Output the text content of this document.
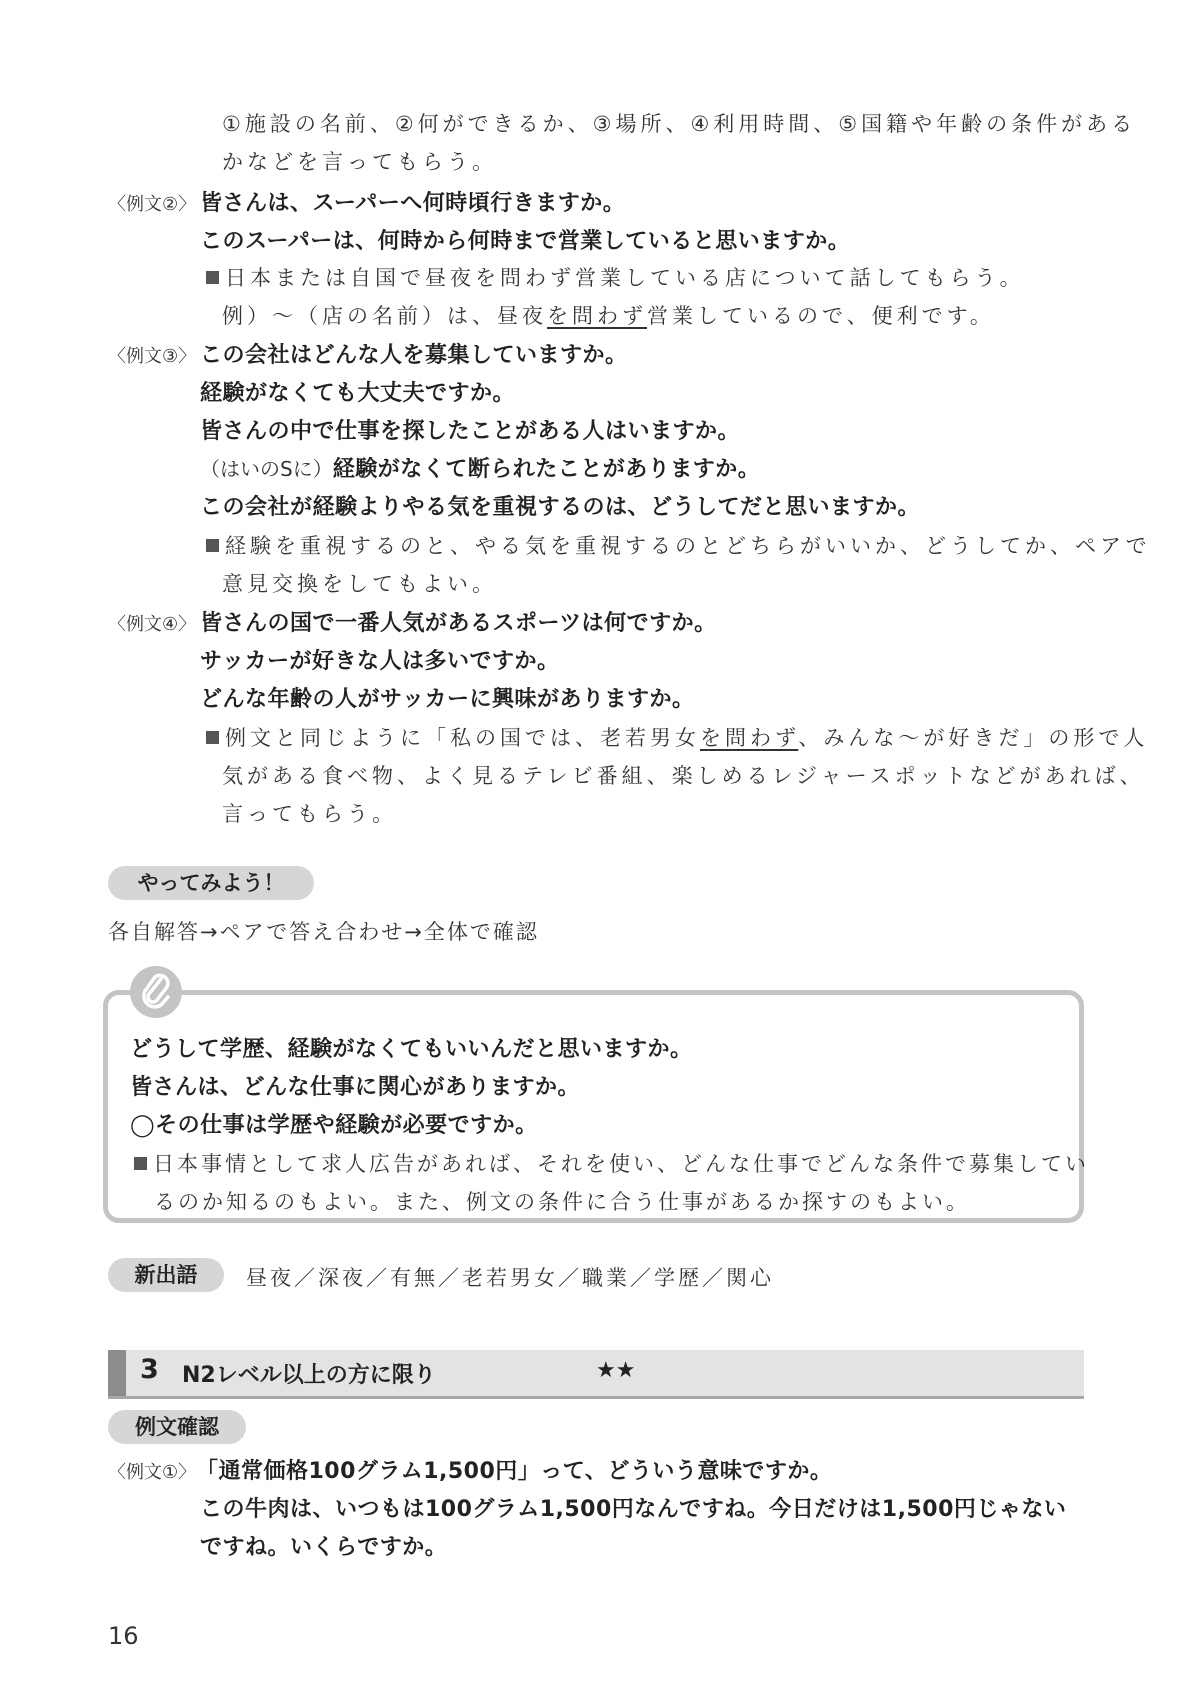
①施設の名前、②何ができるか、③場所、④利用時間、⑤国籍や年齢の条件がある
かなどを言ってもらう。
〈例文②〉 皆さんは、スーパーへ何時頃行きますか。
このスーパーは、何時から何時まで営業していると思いますか。
日本または自国で昼夜を問わず営業している店について話してもらう。
例）～（店の名前）は、昼夜を問わず営業しているので、便利です。
〈例文③〉 この会社はどんな人を募集していますか。
経験がなくても大丈夫ですか。
皆さんの中で仕事を探したことがある人はいますか。
（はいのSに）経験がなくて断られたことがありますか。
この会社が経験よりやる気を重視するのは、どうしてだと思いますか。
経験を重視するのと、やる気を重視するのとどちらがいいか、どうしてか、ペアで
意見交換をしてもよい。
〈例文④〉 皆さんの国で一番人気があるスポーツは何ですか。
サッカーが好きな人は多いですか。
どんな年齢の人がサッカーに興味がありますか。
例文と同じように「私の国では、老若男女を問わず、みんな～が好きだ」の形で人
気がある食べ物、よく見るテレビ番組、楽しめるレジャースポットなどがあれば、
言ってもらう。
やってみよう！
各自解答→ペアで答え合わせ→全体で確認
どうして学歴、経験がなくてもいいんだと思いますか。
皆さんは、どんな仕事に関心がありますか。
◯その仕事は学歴や経験が必要ですか。
日本事情として求人広告があれば、それを使い、どんな仕事でどんな条件で募集してい
るのか知るのもよい。また、例文の条件に合う仕事があるか探すのもよい。
新出語	昼夜／深夜／有無／老若男女／職業／学歴／関心
3 N2レベル以上の方に限り	★★
例文確認
〈例文①〉 「通常価格100グラム1,500円」って、どういう意味ですか。
この牛肉は、いつもは100グラム1,500円なんですね。今日だけは1,500円じゃない
ですね。いくらですか。
16
